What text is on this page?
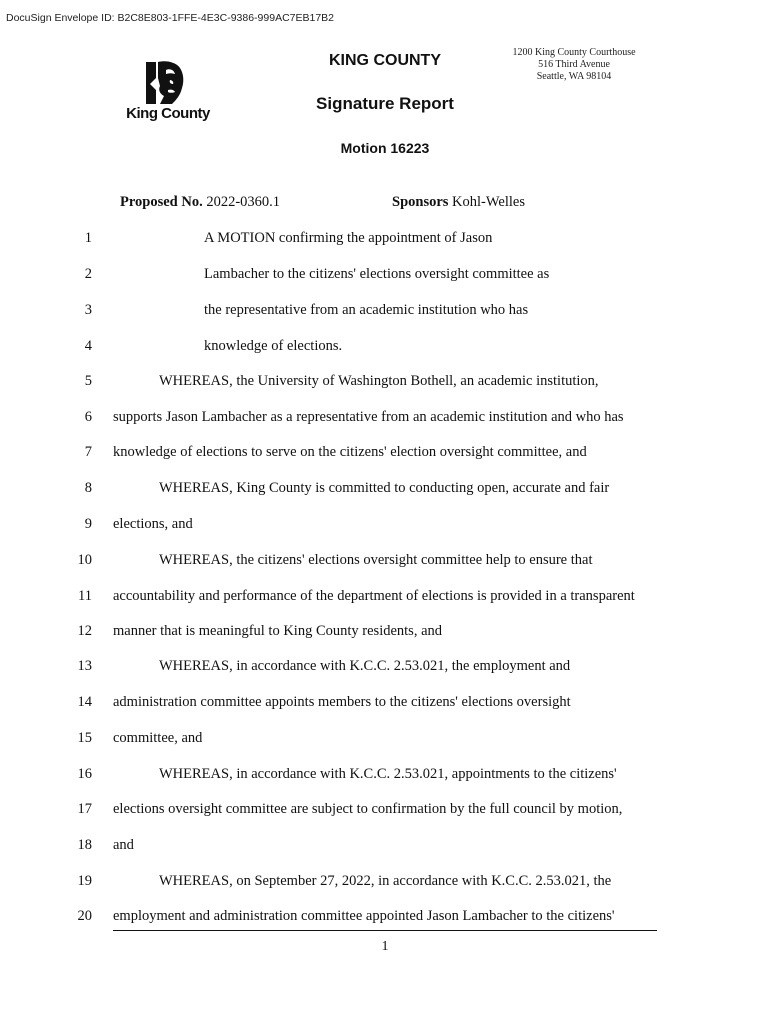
DocuSign Envelope ID: B2C8E803-1FFE-4E3C-9386-999AC7EB17B2
King County
KING COUNTY
Signature Report
Motion 16223
1200 King County Courthouse
516 Third Avenue
Seattle, WA 98104
Proposed No. 2022-0360.1	Sponsors Kohl-Welles
1	A MOTION confirming the appointment of Jason
2	Lambacher to the citizens' elections oversight committee as
3	the representative from an academic institution who has
4	knowledge of elections.
5	WHEREAS, the University of Washington Bothell, an academic institution,
6 supports Jason Lambacher as a representative from an academic institution and who has
7 knowledge of elections to serve on the citizens' election oversight committee, and
8	WHEREAS, King County is committed to conducting open, accurate and fair
9 elections, and
10	WHEREAS, the citizens' elections oversight committee help to ensure that
11 accountability and performance of the department of elections is provided in a transparent
12 manner that is meaningful to King County residents, and
13	WHEREAS, in accordance with K.C.C. 2.53.021, the employment and
14 administration committee appoints members to the citizens' elections oversight
15 committee, and
16	WHEREAS, in accordance with K.C.C. 2.53.021, appointments to the citizens'
17 elections oversight committee are subject to confirmation by the full council by motion,
18 and
19	WHEREAS, on September 27, 2022, in accordance with K.C.C. 2.53.021, the
20 employment and administration committee appointed Jason Lambacher to the citizens'
1
